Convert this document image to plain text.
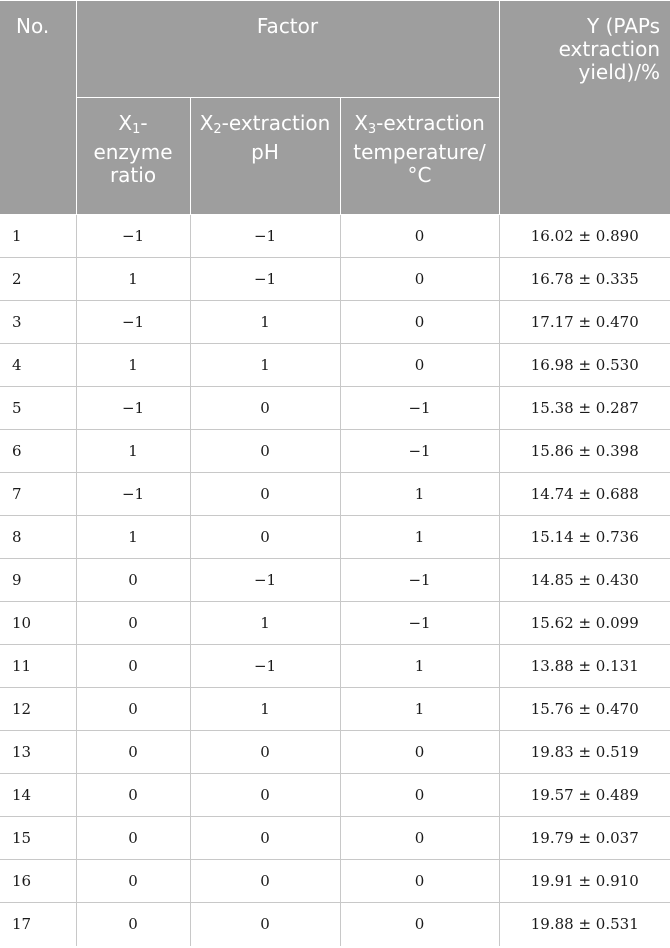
No.	Factor			Y (PAPs extraction yield)/%
	$X_1$-enzyme ratio	$X_2$-extraction pH	$X_3$-extraction temperature/°C	
1	−1	−1	0	16.02 ± 0.890
2	1	−1	0	16.78 ± 0.335
3	−1	1	0	17.17 ± 0.470
4	1	1	0	16.98 ± 0.530
5	−1	0	−1	15.38 ± 0.287
6	1	0	−1	15.86 ± 0.398
7	−1	0	1	14.74 ± 0.688
8	1	0	1	15.14 ± 0.736
9	0	−1	−1	14.85 ± 0.430
10	0	1	−1	15.62 ± 0.099
11	0	−1	1	13.88 ± 0.131
12	0	1	1	15.76 ± 0.470
13	0	0	0	19.83 ± 0.519
14	0	0	0	19.57 ± 0.489
15	0	0	0	19.79 ± 0.037
16	0	0	0	19.91 ± 0.910
17	0	0	0	19.88 ± 0.531
